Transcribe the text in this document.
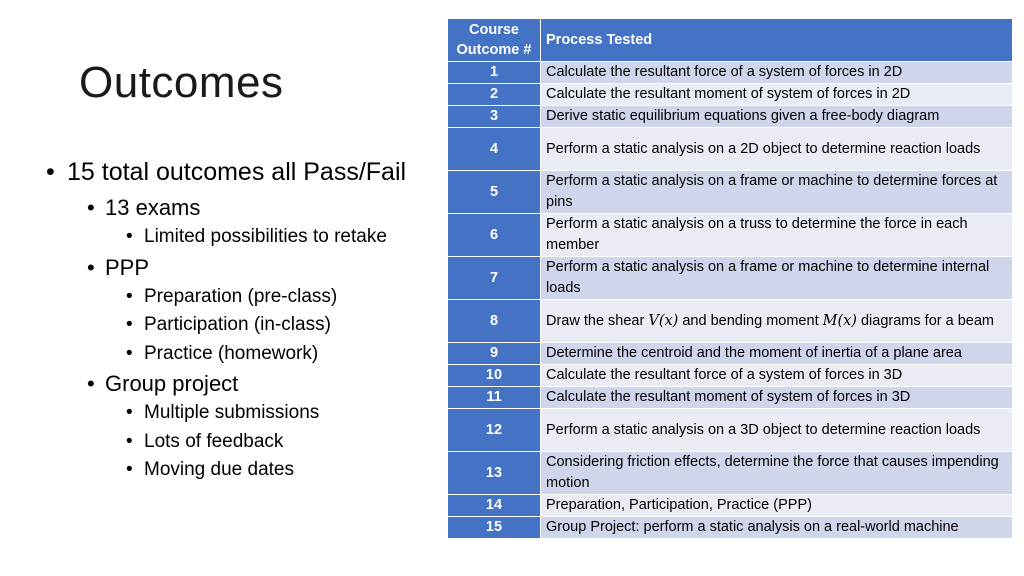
Outcomes
• 15 total outcomes all Pass/Fail
• 13 exams
• Limited possibilities to retake
• PPP
• Preparation (pre-class)
• Participation (in-class)
• Practice (homework)
• Group project
• Multiple submissions
• Lots of feedback
• Moving due dates
Course
Outcome #	Process Tested
1	Calculate the resultant force of a system of forces in 2D
2	Calculate the resultant moment of system of forces in 2D
3	Derive static equilibrium equations given a free-body diagram
4	Perform a static analysis on a 2D object to determine reaction loads
5	Perform a static analysis on a frame or machine to determine forces at pins
6	Perform a static analysis on a truss to determine the force in each member
7	Perform a static analysis on a frame or machine to determine internal loads
8	Draw the shear V(x) and bending moment M(x) diagrams for a beam
9	Determine the centroid and the moment of inertia of a plane area
10	Calculate the resultant force of a system of forces in 3D
11	Calculate the resultant moment of system of forces in 3D
12	Perform a static analysis on a 3D object to determine reaction loads
13	Considering friction effects, determine the force that causes impending motion
14	Preparation, Participation, Practice (PPP)
15	Group Project: perform a static analysis on a real-world machine
